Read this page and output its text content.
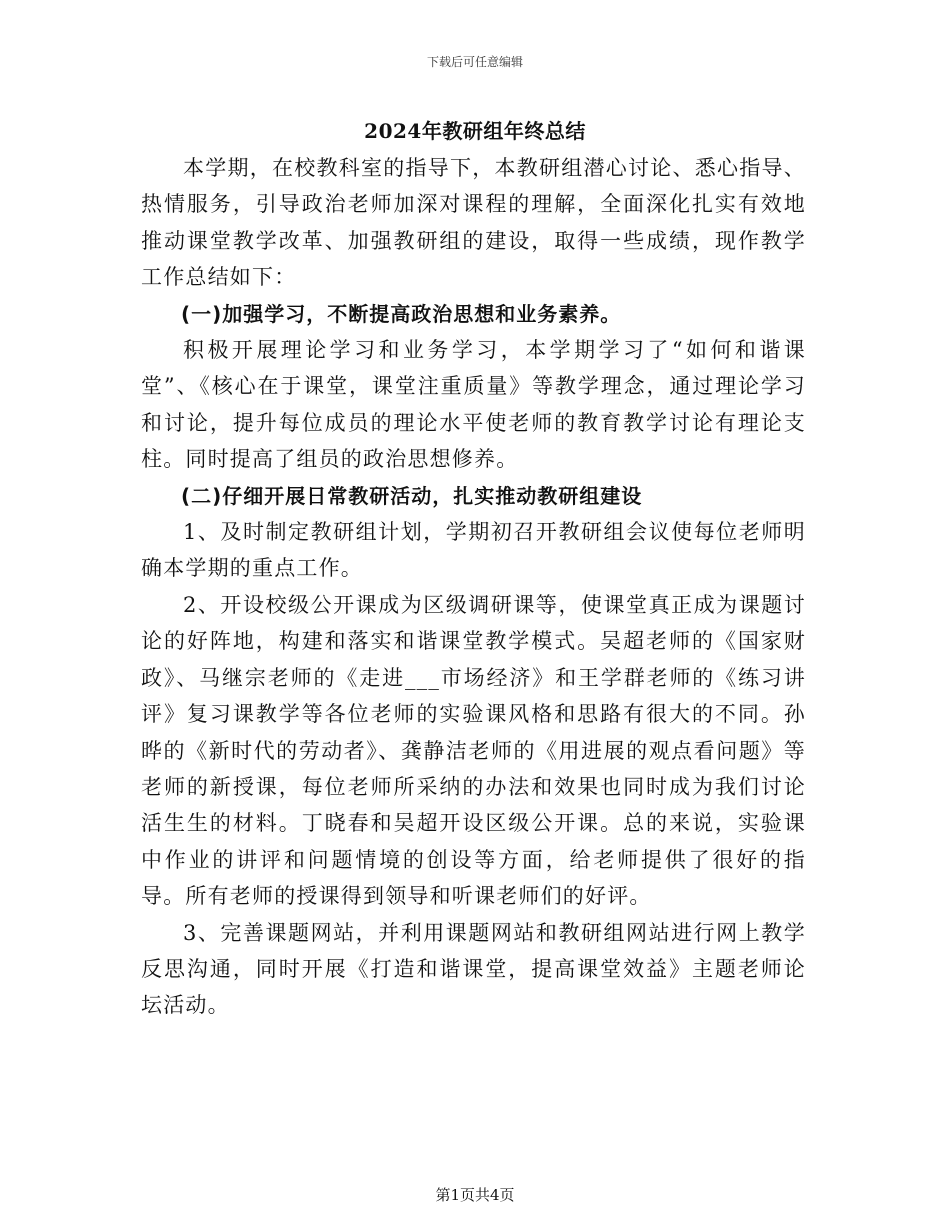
下载后可任意编辑
2024年教研组年终总结

本学期，在校教科室的指导下，本教研组潜心讨论、悉心指导、热情服务，引导政治老师加深对课程的理解，全面深化扎实有效地推动课堂教学改革、加强教研组的建设，取得一些成绩，现作教学工作总结如下：

(一)加强学习，不断提高政治思想和业务素养。

积极开展理论学习和业务学习，本学期学习了“如何和谐课堂”、《核心在于课堂，课堂注重质量》等教学理念，通过理论学习和讨论，提升每位成员的理论水平使老师的教育教学讨论有理论支柱。同时提高了组员的政治思想修养。

(二)仔细开展日常教研活动，扎实推动教研组建设

1、及时制定教研组计划，学期初召开教研组会议使每位老师明确本学期的重点工作。

2、开设校级公开课成为区级调研课等，使课堂真正成为课题讨论的好阵地，构建和落实和谐课堂教学模式。吴超老师的《国家财政》、马继宗老师的《走进___市场经济》和王学群老师的《练习讲评》复习课教学等各位老师的实验课风格和思路有很大的不同。孙晔的《新时代的劳动者》、龚静洁老师的《用进展的观点看问题》等老师的新授课，每位老师所采纳的办法和效果也同时成为我们讨论活生生的材料。丁晓春和吴超开设区级公开课。总的来说，实验课中作业的讲评和问题情境的创设等方面，给老师提供了很好的指导。所有老师的授课得到领导和听课老师们的好评。

3、完善课题网站，并利用课题网站和教研组网站进行网上教学反思沟通，同时开展《打造和谐课堂，提高课堂效益》主题老师论坛活动。

第1页共4页
